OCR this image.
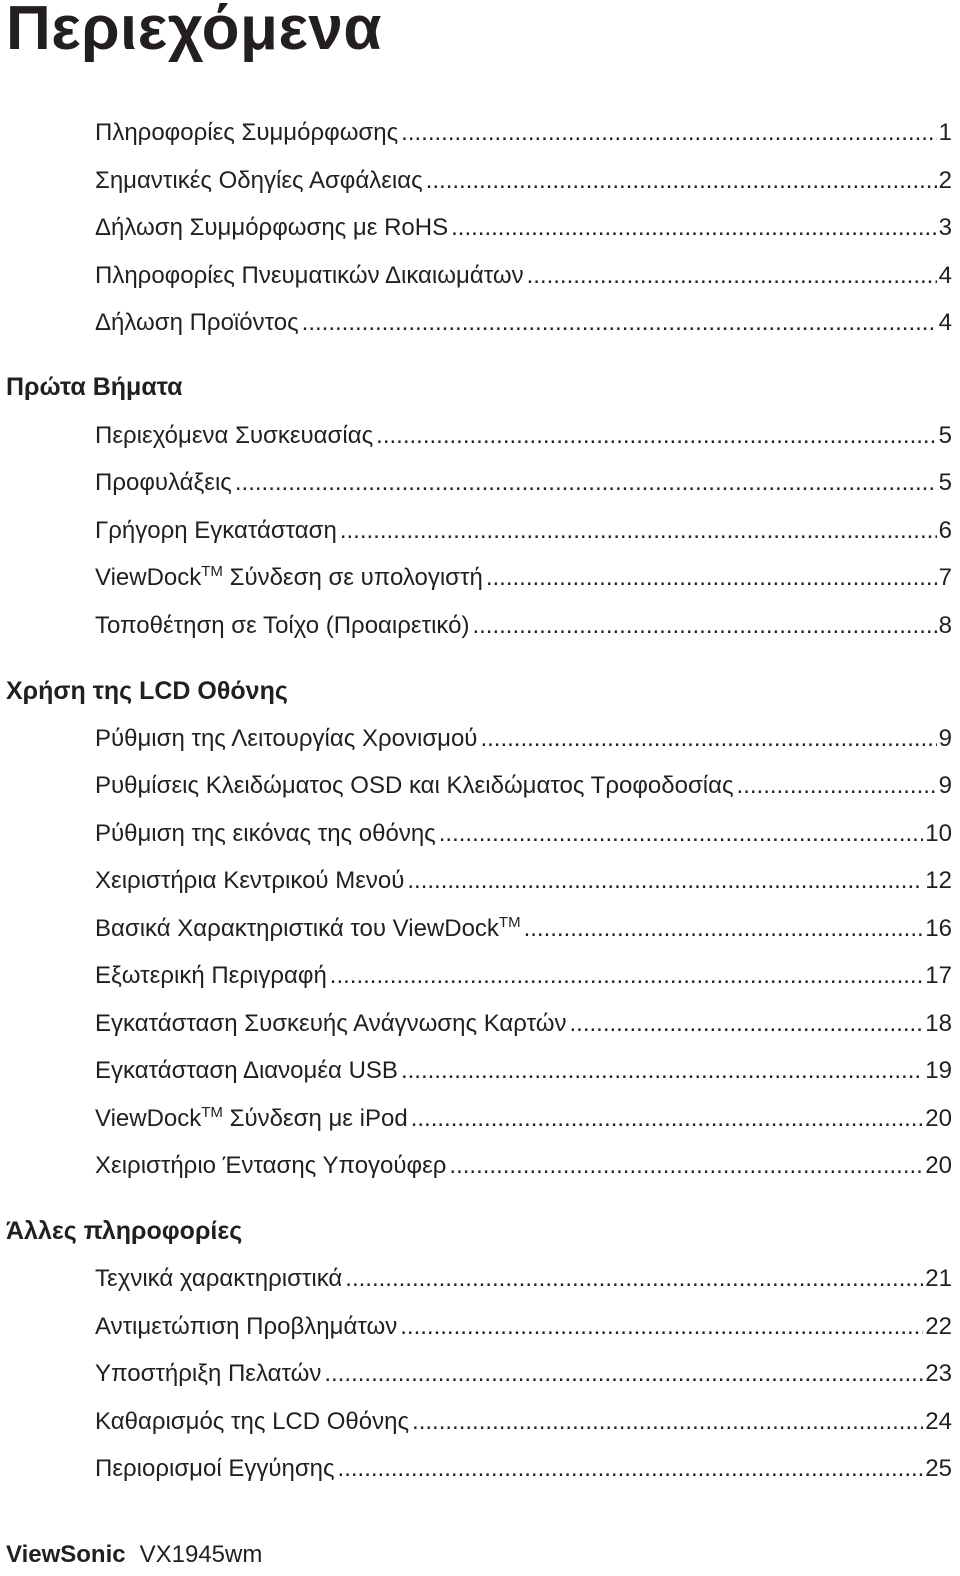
Περιεχόμενα
Πληροφορίες Συμμόρφωσης .....	1
Σημαντικές Οδηγίες Ασφάλειας .....	2
Δήλωση Συμμόρφωσης με RoHS .....	3
Πληροφορίες Πνευματικών Δικαιωμάτων .....	4
Δήλωση Προϊόντος .....	4
Πρώτα Βήματα
Περιεχόμενα Συσκευασίας .....	5
Προφυλάξεις .....	5
Γρήγορη Εγκατάσταση .....	6
ViewDock™ Σύνδεση σε υπολογιστή .....	7
Τοποθέτηση σε Τοίχο (Προαιρετικό) .....	8
Χρήση της LCD Οθόνης
Ρύθμιση της Λειτουργίας Χρονισμού .....	9
Ρυθμίσεις Κλειδώματος OSD και Κλειδώματος Τροφοδοσίας .....	9
Ρύθμιση της εικόνας της οθόνης .....	10
Χειριστήρια Κεντρικού Μενού .....	12
Βασικά Χαρακτηριστικά του ViewDock™ .....	16
Εξωτερική Περιγραφή .....	17
Εγκατάσταση Συσκευής Ανάγνωσης Καρτών .....	18
Εγκατάσταση Διανομέα USB .....	19
ViewDock™ Σύνδεση με iPod .....	20
Χειριστήριο Έντασης Υπογούφερ .....	20
Άλλες πληροφορίες
Τεχνικά χαρακτηριστικά .....	21
Αντιμετώπιση Προβλημάτων .....	22
Υποστήριξη Πελατών .....	23
Καθαρισμός της LCD Οθόνης .....	24
Περιορισμοί Εγγύησης .....	25
ViewSonic VX1945wm
